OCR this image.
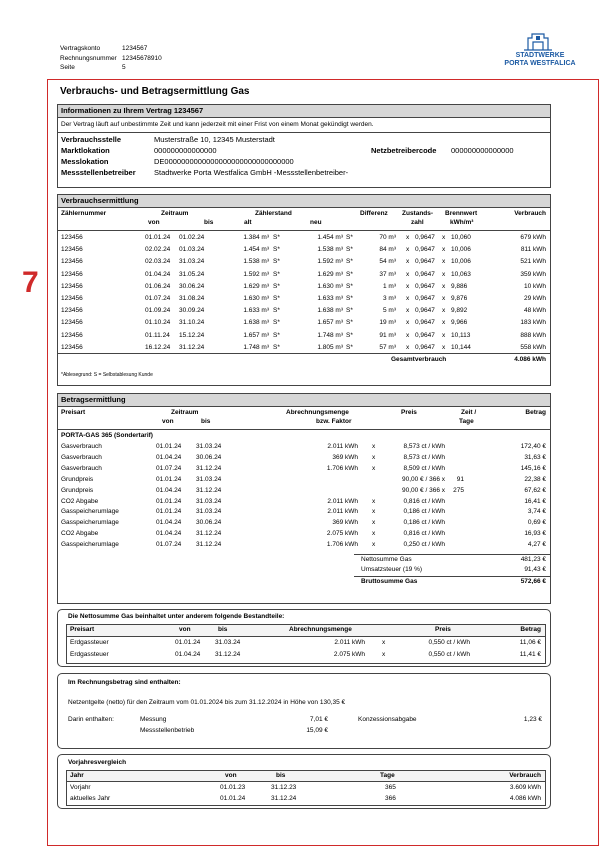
Vertragskonto	1234567
Rechnungsnummer 12345678910
Seite	5
STADTWERKE
PORTA WESTFALICA
7
Verbrauchs- und Betragsermittlung Gas
Informationen zu Ihrem Vertrag 1234567
Der Vertrag läuft auf unbestimmte Zeit und kann jederzeit mit einer Frist von einem Monat gekündigt werden.
Verbrauchsstelle	Musterstraße 10, 12345 Musterstadt
Marktlokation	000000000000000	Netzbetreibercode 000000000000000
Messlokation	DE0000000000000000000000000000000
Messstellenbetreiber Stadtwerke Porta Westfalica GmbH -Messstellenbetreiber-
Verbrauchsermittlung
Zählernummer	Zeitraum
von	bis
Zählerstand
alt	neu
Differenz Zustands-
zahl
Brennwert
kWh/m³
Verbrauch
123456	01.01.24 01.02.24	1.384 m³ S*	1.454 m³ S*	70 m³ x 0,9647 x 10,060	679 kWh
123456	02.02.24 01.03.24	1.454 m³ S*	1.538 m³ S*	84 m³ x 0,9647 x 10,006	811 kWh
123456	02.03.24 31.03.24	1.538 m³ S*	1.592 m³ S*	54 m³ x 0,9647 x 10,006	521 kWh
123456	01.04.24 31.05.24	1.592 m³ S*	1.629 m³ S*	37 m³ x 0,9647 x 10,063	359 kWh
123456	01.06.24 30.06.24	1.629 m³ S*	1.630 m³ S*	1 m³ x 0,9647 x 9,886	10 kWh
123456	01.07.24 31.08.24	1.630 m³ S*	1.633 m³ S*	3 m³ x 0,9647 x 9,876	29 kWh
123456	01.09.24 30.09.24	1.633 m³ S*	1.638 m³ S*	5 m³ x 0,9647 x 9,892	48 kWh
123456	01.10.24 31.10.24	1.638 m³ S*	1.657 m³ S*	19 m³ x 0,9647 x 9,966	183 kWh
123456	01.11.24 15.12.24	1.657 m³ S*	1.748 m³ S*	91 m³ x 0,9647 x 10,113	888 kWh
123456	16.12.24 31.12.24	1.748 m³ S*	1.805 m³ S*	57 m³ x 0,9647 x 10,144	558 kWh
Gesamtverbrauch	4.086 kWh
*Ablesegrund: S = Selbstablesung Kunde
Betragsermittlung
Preisart	Zeitraum
von	bis
Abrechnungsmenge
bzw. Faktor
Preis	Zeit /
Tage
Betrag
PORTA-GAS 365 (Sondertarif)
Gasverbrauch	01.01.24 31.03.24	2.011 kWh x	8,573 ct / kWh	172,40 €
Gasverbrauch	01.04.24 30.06.24	369 kWh x	8,573 ct / kWh	31,63 €
Gasverbrauch	01.07.24 31.12.24	1.706 kWh x	8,509 ct / kWh	145,16 €
Grundpreis	01.01.24 31.03.24	90,00 € / 366 x	91	22,38 €
Grundpreis	01.04.24 31.12.24	90,00 € / 366 x	275	67,62 €
CO2 Abgabe	01.01.24 31.03.24	2.011 kWh x	0,816 ct / kWh	16,41 €
Gasspeicherumlage	01.01.24 31.03.24	2.011 kWh x	0,186 ct / kWh	3,74 €
Gasspeicherumlage	01.04.24 30.06.24	369 kWh x	0,186 ct / kWh	0,69 €
CO2 Abgabe	01.04.24 31.12.24	2.075 kWh x	0,816 ct / kWh	16,93 €
Gasspeicherumlage	01.07.24 31.12.24	1.706 kWh x	0,250 ct / kWh	4,27 €
Nettosumme Gas	481,23 €
Umsatzsteuer (19 %)	91,43 €
Bruttosumme Gas	572,66 €
Die Nettosumme Gas beinhaltet unter anderem folgende Bestandteile:
Preisart	von	bis	Abrechnungsmenge	Preis	Betrag
Erdgassteuer	01.01.24 31.03.24	2.011 kWh	x	0,550 ct / kWh	11,06 €
Erdgassteuer	01.04.24 31.12.24	2.075 kWh	x	0,550 ct / kWh	11,41 €
Im Rechnungsbetrag sind enthalten:
Netzentgelte (netto) für den Zeitraum vom 01.01.2024 bis zum 31.12.2024 in Höhe von 130,35 €
Darin enthalten:	Messung	7,01 €	Konzessionsabgabe	1,23 €
Messstellenbetrieb	15,09 €
Vorjahresvergleich
Jahr	von	bis	Tage	Verbrauch
Vorjahr	01.01.23	31.12.23	365	3.609 kWh
aktuelles Jahr	01.01.24	31.12.24	366	4.086 kWh
